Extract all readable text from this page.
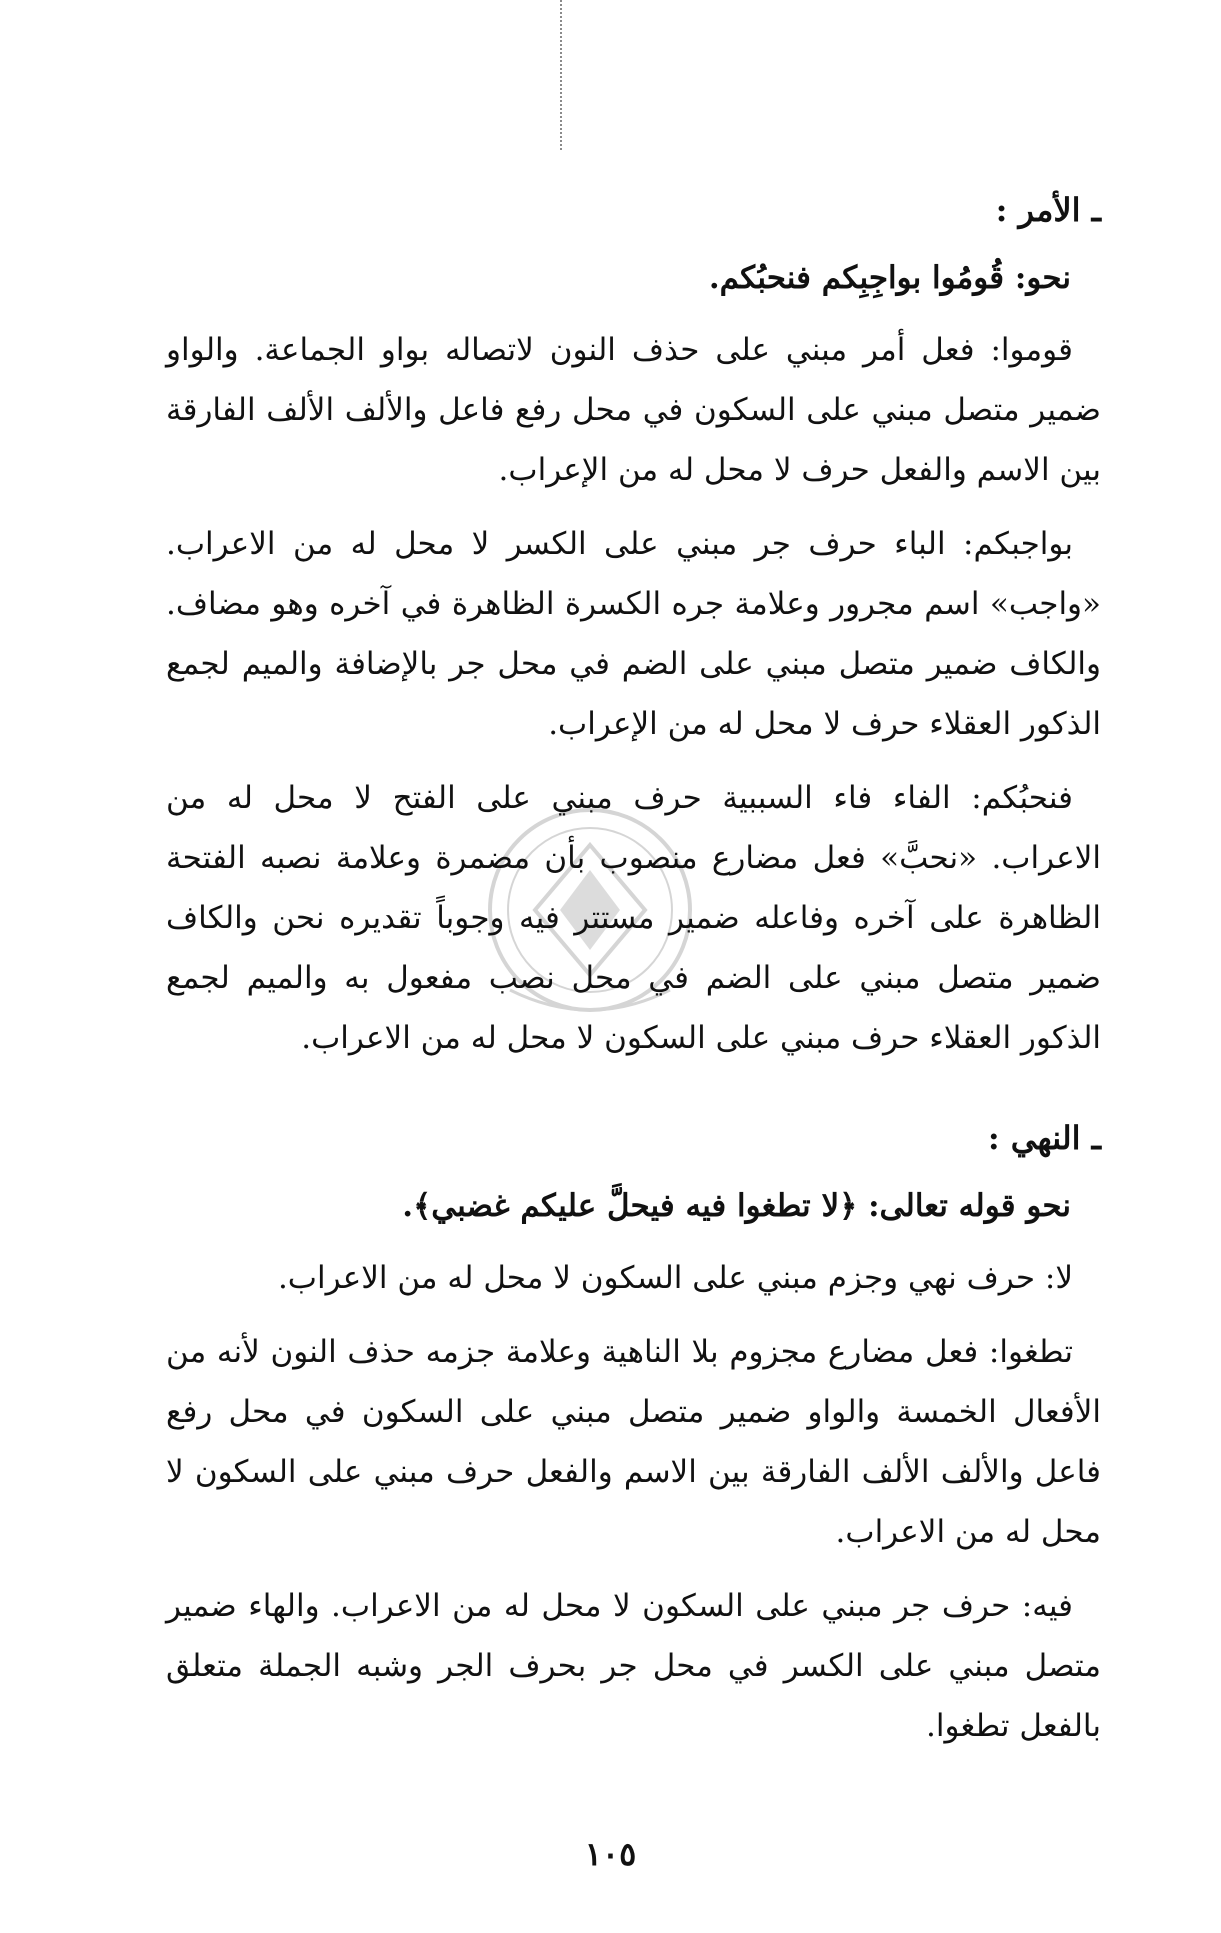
ـ الأمر :
نحو: قُومُوا بواجِبِكم فنحبُكم.

قوموا: فعل أمر مبني على حذف النون لاتصاله بواو الجماعة. والواو ضمير متصل مبني على السكون في محل رفع فاعل والألف الألف الفارقة بين الاسم والفعل حرف لا محل له من الإعراب.

بواجبكم: الباء حرف جر مبني على الكسر لا محل له من الاعراب. «واجب» اسم مجرور وعلامة جره الكسرة الظاهرة في آخره وهو مضاف. والكاف ضمير متصل مبني على الضم في محل جر بالإضافة والميم لجمع الذكور العقلاء حرف لا محل له من الإعراب.

فنحبُكم: الفاء فاء السببية حرف مبني على الفتح لا محل له من الاعراب. «نحبَّ» فعل مضارع منصوب بأن مضمرة وعلامة نصبه الفتحة الظاهرة على آخره وفاعله ضمير مستتر فيه وجوباً تقديره نحن والكاف ضمير متصل مبني على الضم في محل نصب مفعول به والميم لجمع الذكور العقلاء حرف مبني على السكون لا محل له من الاعراب.

ـ النهي :
نحو قوله تعالى: ﴿لا تطغوا فيه فيحلَّ عليكم غضبي﴾.

لا: حرف نهي وجزم مبني على السكون لا محل له من الاعراب.

تطغوا: فعل مضارع مجزوم بلا الناهية وعلامة جزمه حذف النون لأنه من الأفعال الخمسة والواو ضمير متصل مبني على السكون في محل رفع فاعل والألف الألف الفارقة بين الاسم والفعل حرف مبني على السكون لا محل له من الاعراب.

فيه: حرف جر مبني على السكون لا محل له من الاعراب. والهاء ضمير متصل مبني على الكسر في محل جر بحرف الجر وشبه الجملة متعلق بالفعل تطغوا.

١٠٥
